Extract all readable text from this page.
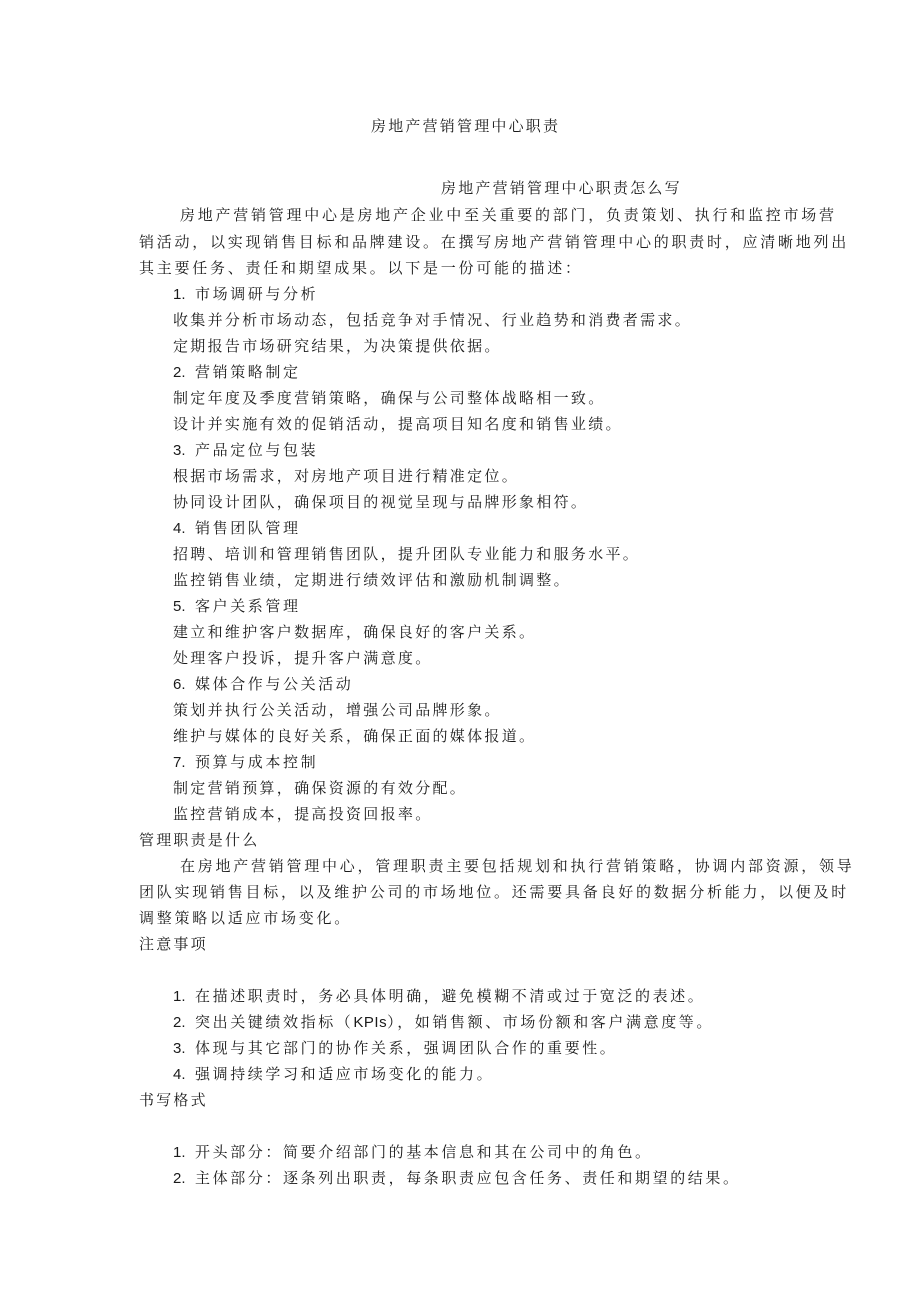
房地产营销管理中心职责
房地产营销管理中心职责怎么写
房地产营销管理中心是房地产企业中至关重要的部门，负责策划、执行和监控市场营
销活动，以实现销售目标和品牌建设。在撰写房地产营销管理中心的职责时，应清晰地列出
其主要任务、责任和期望成果。以下是一份可能的描述：
1. 市场调研与分析
收集并分析市场动态，包括竞争对手情况、行业趋势和消费者需求。
定期报告市场研究结果，为决策提供依据。
2. 营销策略制定
制定年度及季度营销策略，确保与公司整体战略相一致。
设计并实施有效的促销活动，提高项目知名度和销售业绩。
3. 产品定位与包装
根据市场需求，对房地产项目进行精准定位。
协同设计团队，确保项目的视觉呈现与品牌形象相符。
4. 销售团队管理
招聘、培训和管理销售团队，提升团队专业能力和服务水平。
监控销售业绩，定期进行绩效评估和激励机制调整。
5. 客户关系管理
建立和维护客户数据库，确保良好的客户关系。
处理客户投诉，提升客户满意度。
6. 媒体合作与公关活动
策划并执行公关活动，增强公司品牌形象。
维护与媒体的良好关系，确保正面的媒体报道。
7. 预算与成本控制
制定营销预算，确保资源的有效分配。
监控营销成本，提高投资回报率。
管理职责是什么
在房地产营销管理中心，管理职责主要包括规划和执行营销策略，协调内部资源，领导
团队实现销售目标，以及维护公司的市场地位。还需要具备良好的数据分析能力，以便及时
调整策略以适应市场变化。
注意事项
1. 在描述职责时，务必具体明确，避免模糊不清或过于宽泛的表述。
2. 突出关键绩效指标（KPIs），如销售额、市场份额和客户满意度等。
3. 体现与其它部门的协作关系，强调团队合作的重要性。
4. 强调持续学习和适应市场变化的能力。
书写格式
1. 开头部分：简要介绍部门的基本信息和其在公司中的角色。
2. 主体部分：逐条列出职责，每条职责应包含任务、责任和期望的结果。
